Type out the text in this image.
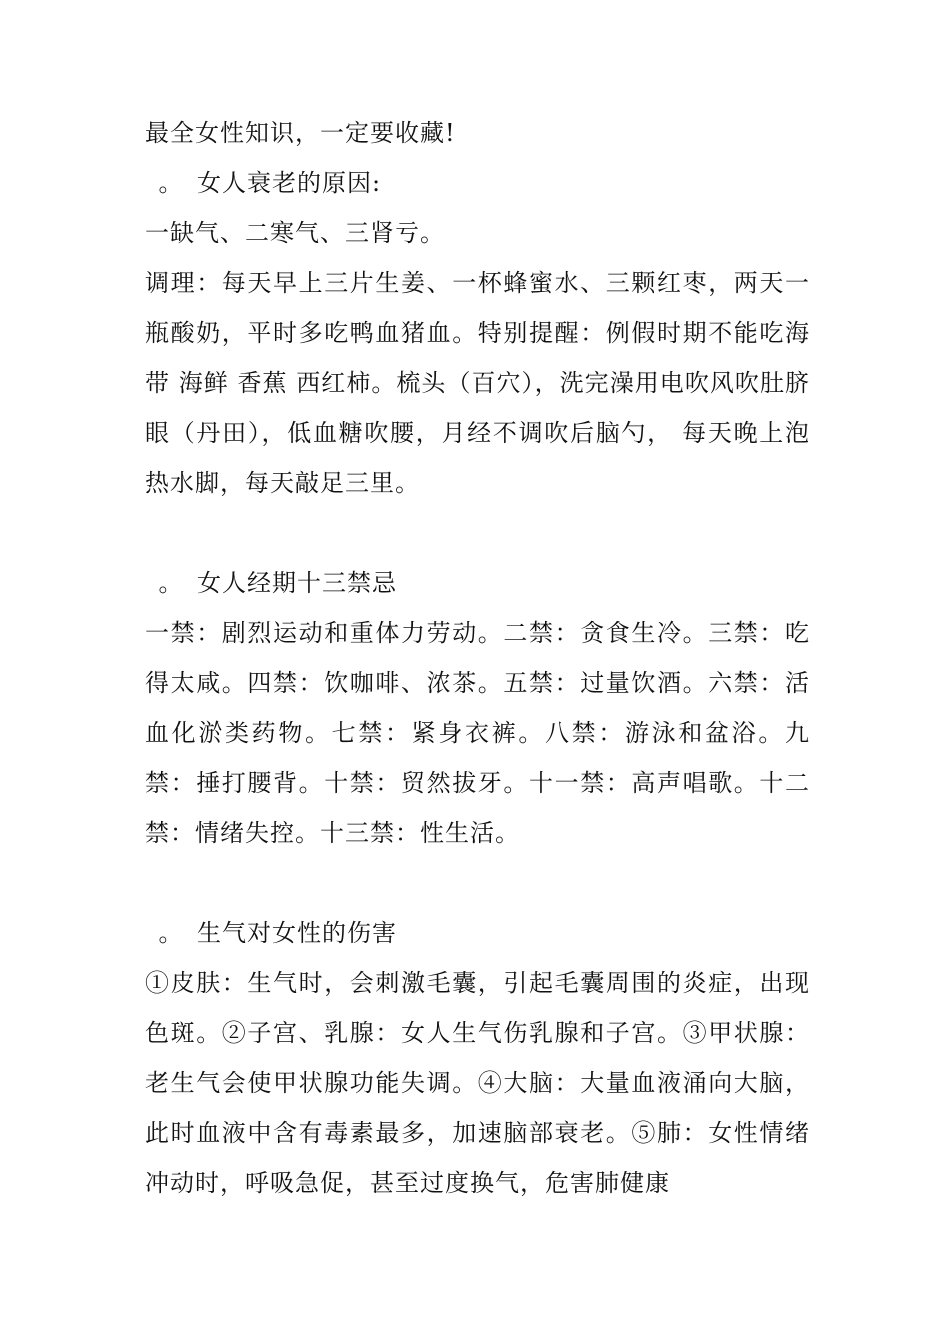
最全女性知识，一定要收藏!
。 女人衰老的原因:
一缺气、二寒气、三肾亏。
调理：每天早上三片生姜、一杯蜂蜜水、三颗红枣，两天一瓶酸奶，平时多吃鸭血猪血。特别提醒：例假时期不能吃海带 海鲜 香蕉 西红柿。梳头（百穴），洗完澡用电吹风吹肚脐眼（丹田），低血糖吹腰，月经不调吹后脑勺， 每天晚上泡热水脚，每天敲足三里。
。 女人经期十三禁忌
一禁：剧烈运动和重体力劳动。二禁：贪食生冷。三禁：吃得太咸。四禁：饮咖啡、浓茶。五禁：过量饮酒。六禁：活血化淤类药物。七禁：紧身衣裤。八禁：游泳和盆浴。九禁：捶打腰背。十禁：贸然拔牙。十一禁：高声唱歌。十二禁：情绪失控。十三禁：性生活。
。 生气对女性的伤害
①皮肤：生气时，会刺激毛囊，引起毛囊周围的炎症，出现色斑。②子宫、乳腺：女人生气伤乳腺和子宫。③甲状腺：老生气会使甲状腺功能失调。④大脑：大量血液涌向大脑，此时血液中含有毒素最多，加速脑部衰老。⑤肺：女性情绪冲动时，呼吸急促，甚至过度换气，危害肺健康
